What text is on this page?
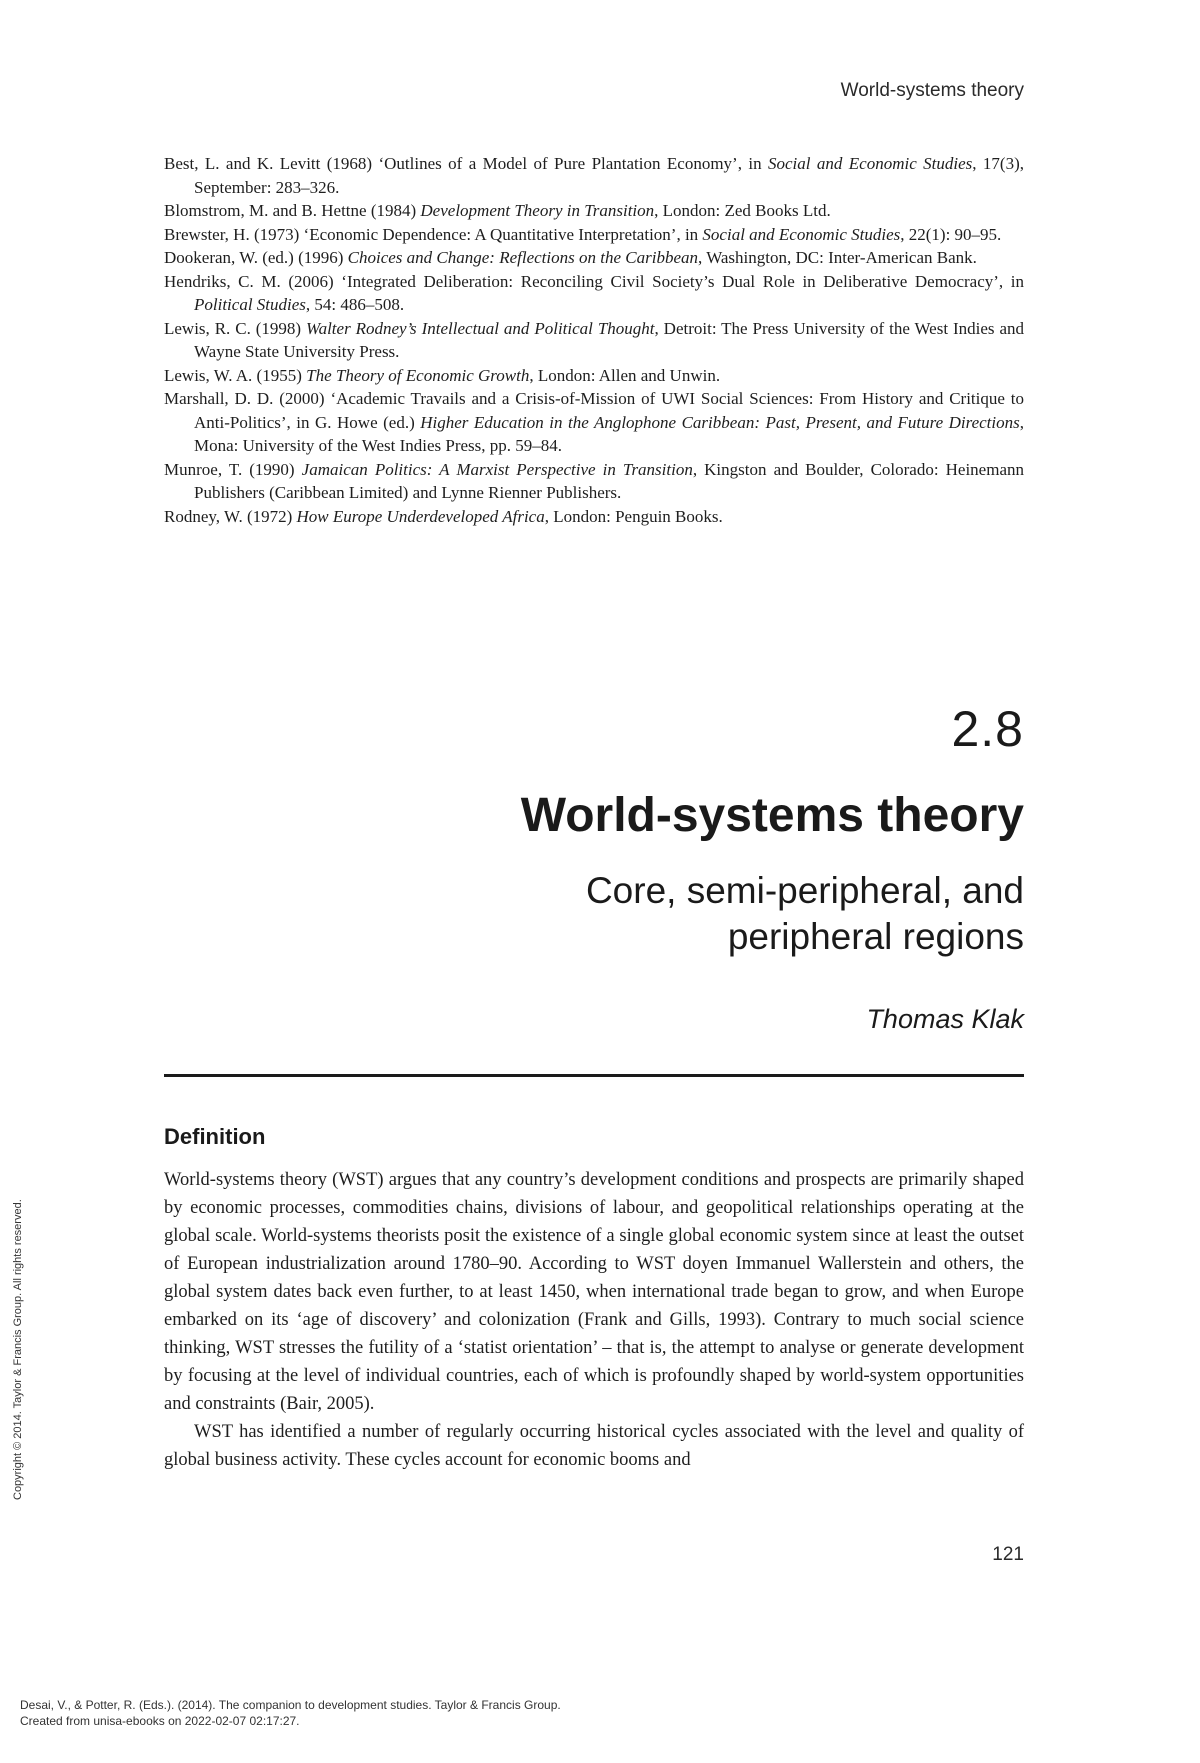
World-systems theory

Best, L. and K. Levitt (1968) ‘Outlines of a Model of Pure Plantation Economy’, in Social and Economic Studies, 17(3), September: 283–326.

Blomstrom, M. and B. Hettne (1984) Development Theory in Transition, London: Zed Books Ltd.

Brewster, H. (1973) ‘Economic Dependence: A Quantitative Interpretation’, in Social and Economic Studies, 22(1): 90–95.

Dookeran, W. (ed.) (1996) Choices and Change: Reflections on the Caribbean, Washington, DC: Inter-American Bank.

Hendriks, C. M. (2006) ‘Integrated Deliberation: Reconciling Civil Society’s Dual Role in Deliberative Democracy’, in Political Studies, 54: 486–508.

Lewis, R. C. (1998) Walter Rodney’s Intellectual and Political Thought, Detroit: The Press University of the West Indies and Wayne State University Press.

Lewis, W. A. (1955) The Theory of Economic Growth, London: Allen and Unwin.

Marshall, D. D. (2000) ‘Academic Travails and a Crisis-of-Mission of UWI Social Sciences: From History and Critique to Anti-Politics’, in G. Howe (ed.) Higher Education in the Anglophone Caribbean: Past, Present, and Future Directions, Mona: University of the West Indies Press, pp. 59–84.

Munroe, T. (1990) Jamaican Politics: A Marxist Perspective in Transition, Kingston and Boulder, Colorado: Heinemann Publishers (Caribbean Limited) and Lynne Rienner Publishers.

Rodney, W. (1972) How Europe Underdeveloped Africa, London: Penguin Books.

2.8
World-systems theory
Core, semi-peripheral, and peripheral regions
Thomas Klak
Definition

World-systems theory (WST) argues that any country’s development conditions and prospects are primarily shaped by economic processes, commodities chains, divisions of labour, and geopolitical relationships operating at the global scale. World-systems theorists posit the existence of a single global economic system since at least the outset of European industrialization around 1780–90. According to WST doyen Immanuel Wallerstein and others, the global system dates back even further, to at least 1450, when international trade began to grow, and when Europe embarked on its ‘age of discovery’ and colonization (Frank and Gills, 1993). Contrary to much social science thinking, WST stresses the futility of a ‘statist orientation’ – that is, the attempt to analyse or generate development by focusing at the level of individual countries, each of which is profoundly shaped by world-system opportunities and constraints (Bair, 2005).

WST has identified a number of regularly occurring historical cycles associated with the level and quality of global business activity. These cycles account for economic booms and

121
Copyright © 2014. Taylor & Francis Group. All rights reserved.
Desai, V., & Potter, R. (Eds.). (2014). The companion to development studies. Taylor & Francis Group.
Created from unisa-ebooks on 2022-02-07 02:17:27.
